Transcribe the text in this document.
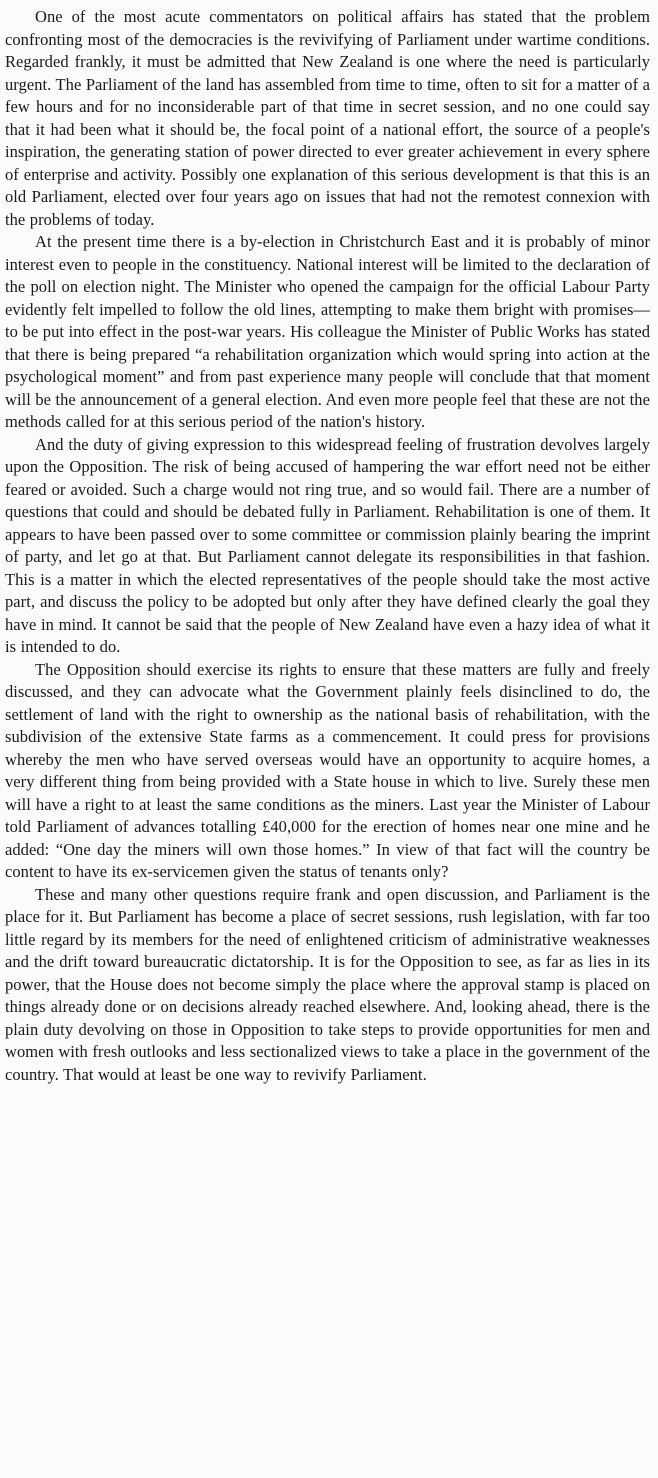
One of the most acute commentators on political affairs has stated that the problem confronting most of the democracies is the revivifying of Parliament under wartime conditions. Regarded frankly, it must be admitted that New Zealand is one where the need is particularly urgent. The Parliament of the land has assembled from time to time, often to sit for a matter of a few hours and for no inconsiderable part of that time in secret session, and no one could say that it had been what it should be, the focal point of a national effort, the source of a people's inspiration, the generating station of power directed to ever greater achievement in every sphere of enterprise and activity. Possibly one explanation of this serious development is that this is an old Parliament, elected over four years ago on issues that had not the remotest connexion with the problems of today.

At the present time there is a by-election in Christchurch East and it is probably of minor interest even to people in the constituency. National interest will be limited to the declaration of the poll on election night. The Minister who opened the campaign for the official Labour Party evidently felt impelled to follow the old lines, attempting to make them bright with promises—to be put into effect in the post-war years. His colleague the Minister of Public Works has stated that there is being prepared “a rehabilitation organization which would spring into action at the psychological moment” and from past experience many people will conclude that that moment will be the announcement of a general election. And even more people feel that these are not the methods called for at this serious period of the nation's history.

And the duty of giving expression to this widespread feeling of frustration devolves largely upon the Opposition. The risk of being accused of hampering the war effort need not be either feared or avoided. Such a charge would not ring true, and so would fail. There are a number of questions that could and should be debated fully in Parliament. Rehabilitation is one of them. It appears to have been passed over to some committee or commission plainly bearing the imprint of party, and let go at that. But Parliament cannot delegate its responsibilities in that fashion. This is a matter in which the elected representatives of the people should take the most active part, and discuss the policy to be adopted but only after they have defined clearly the goal they have in mind. It cannot be said that the people of New Zealand have even a hazy idea of what it is intended to do.

The Opposition should exercise its rights to ensure that these matters are fully and freely discussed, and they can advocate what the Government plainly feels disinclined to do, the settlement of land with the right to ownership as the national basis of rehabilitation, with the subdivision of the extensive State farms as a commencement. It could press for provisions whereby the men who have served overseas would have an opportunity to acquire homes, a very different thing from being provided with a State house in which to live. Surely these men will have a right to at least the same conditions as the miners. Last year the Minister of Labour told Parliament of advances totalling £40,000 for the erection of homes near one mine and he added: “One day the miners will own those homes.” In view of that fact will the country be content to have its ex-servicemen given the status of tenants only?

These and many other questions require frank and open discussion, and Parliament is the place for it. But Parliament has become a place of secret sessions, rush legislation, with far too little regard by its members for the need of enlightened criticism of administrative weaknesses and the drift toward bureaucratic dictatorship. It is for the Opposition to see, as far as lies in its power, that the House does not become simply the place where the approval stamp is placed on things already done or on decisions already reached elsewhere. And, looking ahead, there is the plain duty devolving on those in Opposition to take steps to provide opportunities for men and women with fresh outlooks and less sectionalized views to take a place in the government of the country. That would at least be one way to revivify Parliament.
